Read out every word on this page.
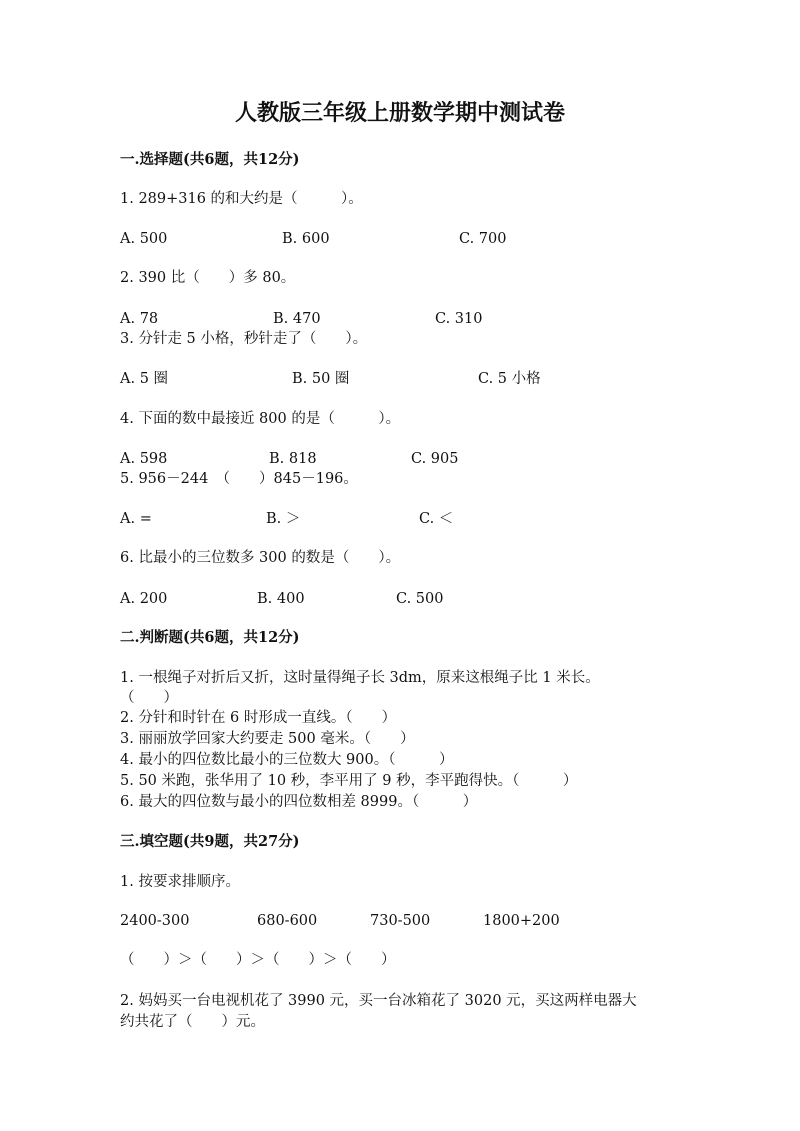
人教版三年级上册数学期中测试卷
一.选择题(共6题，共12分)
1. 289+316 的和大约是（　　　）。
A. 500	B. 600	C. 700
2. 390 比（　　）多 80。
A. 78	B. 470	C. 310
3. 分针走 5 小格，秒针走了（　　）。
A. 5 圈	B. 50 圈	C. 5 小格
4. 下面的数中最接近 800 的是（　　　）。
A. 598	B. 818	C. 905
5. 956－244　（　　）845－196。
A. =	B. ＞	C. ＜
6. 比最小的三位数多 300 的数是（　　）。
A. 200	B. 400	C. 500
二.判断题(共6题，共12分)
1. 一根绳子对折后又折，这时量得绳子长 3dm，原来这根绳子比 1 米长。
（　　）
2. 分针和时针在 6 时形成一直线。（　　）
3. 丽丽放学回家大约要走 500 毫米。（　　）
4. 最小的四位数比最小的三位数大 900。（　　　）
5. 50 米跑，张华用了 10 秒，李平用了 9 秒，李平跑得快。（　　　）
6. 最大的四位数与最小的四位数相差 8999。（　　　）
三.填空题(共9题，共27分)
1. 按要求排顺序。
2400-300	680-600	730-500	1800+200
（　　）＞（　　）＞（　　）＞（　　）
2. 妈妈买一台电视机花了 3990 元，买一台冰箱花了 3020 元，买这两样电器大
约共花了（　　）元。
